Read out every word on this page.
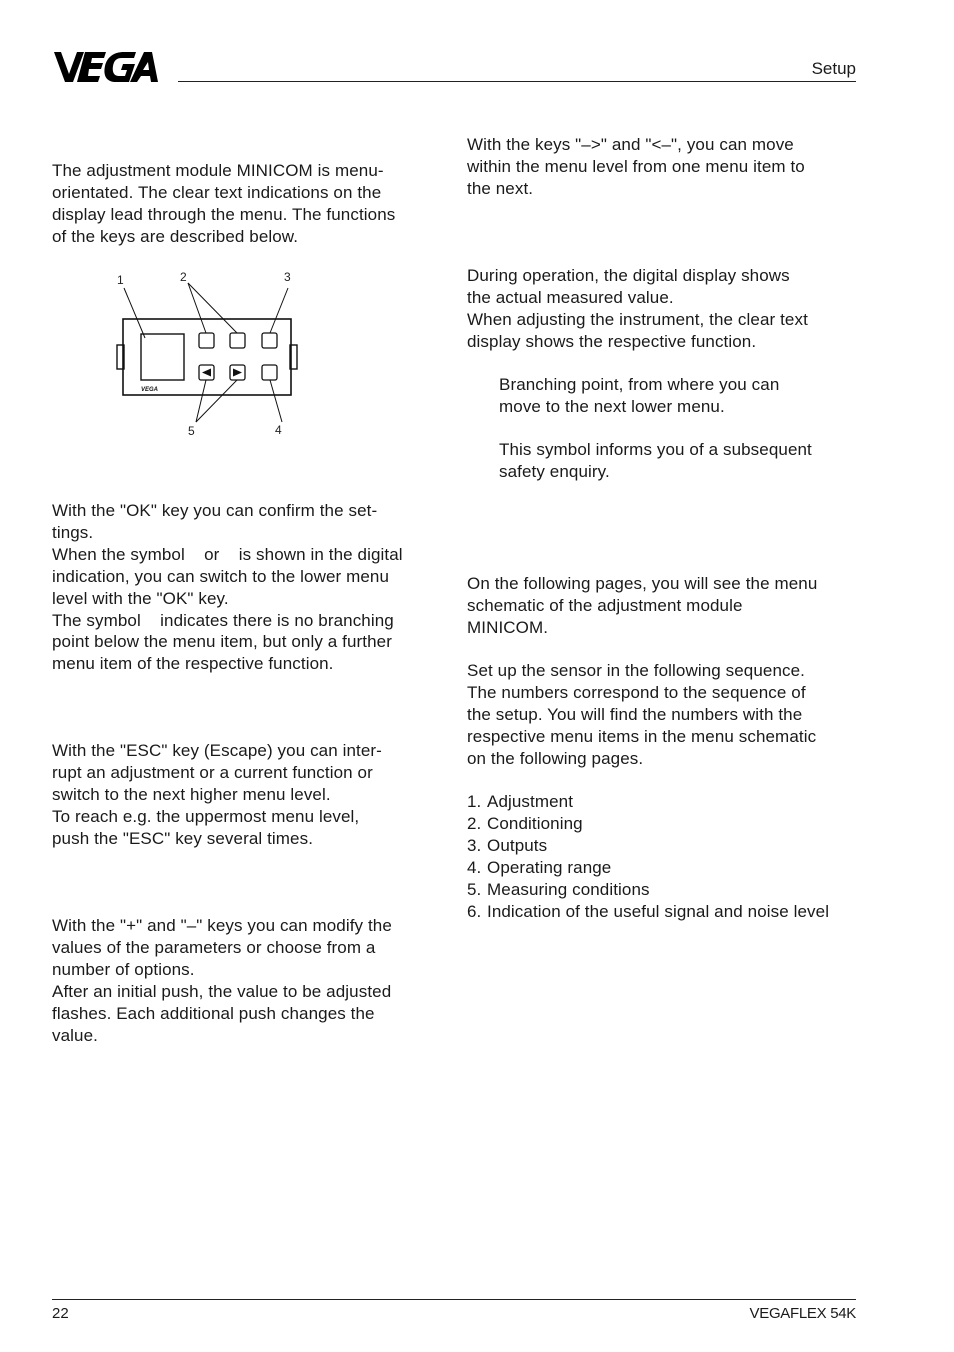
Setup

The adjustment module MINICOM is menu-

orientated. The clear text indications on the

display lead through the menu. The functions

of the keys are described below.

VEGA
1	2	3
4
5

With the "OK" key you can confirm the set-

tings.

When the symbol    or    is shown in the digital

indication, you can switch to the lower menu

level with the "OK" key.

The symbol    indicates there is no branching

point below the menu item, but only a further

menu item of the respective function.

With the "ESC" key (Escape) you can inter-

rupt an adjustment or a current function or

switch to the next higher menu level.

To reach e.g. the uppermost menu level,

push the "ESC" key several times.

With the "+" and "–" keys you can modify the

values of the parameters or choose from a

number of options.

After an initial push, the value to be adjusted

flashes. Each additional push changes the

value.

With the keys "–>" and "<–", you can move

within the menu level from one menu item to

the next.

During operation, the digital display shows

the actual measured value.

When adjusting the instrument, the clear text

display shows the respective function.

Branching point, from where you can

move to the next lower menu.

This symbol informs you of a subsequent

safety enquiry.

On the following pages, you will see the menu

schematic of the adjustment module

MINICOM.

Set up the sensor in the following sequence.

The numbers correspond to the sequence of

the setup. You will find the numbers with the

respective menu items in the menu schematic

on the following pages.

1. Adjustment
2. Conditioning
3. Outputs
4. Operating range
5. Measuring conditions
6. Indication of the useful signal and noise level
22	VEGAFLEX 54K
